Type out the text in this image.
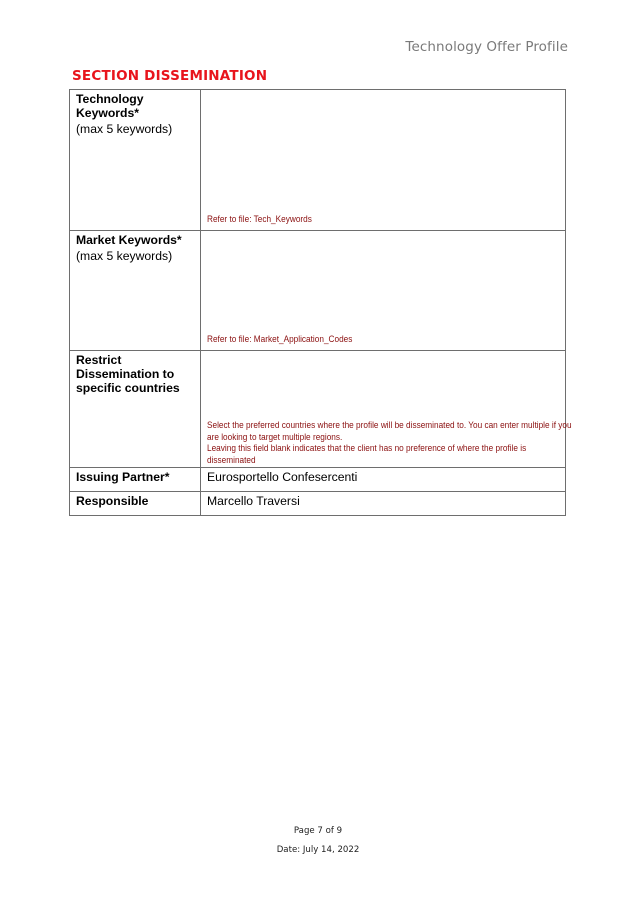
Technology Offer Profile
SECTION DISSEMINATION
Technology Keywords*
(max 5 keywords)	Refer to file: Tech_Keywords

Market Keywords*
(max 5 keywords)	Refer to file: Market_Application_Codes

Restrict Dissemination to specific countries	Select the preferred countries where the profile will be disseminated to. You can enter multiple if you are looking to target multiple regions.
Leaving this field blank indicates that the client has no preference of where the profile is disseminated

Issuing Partner*	Eurosportello Confesercenti

Responsible	Marcello Traversi
Page 7 of 9
Date: July 14, 2022
